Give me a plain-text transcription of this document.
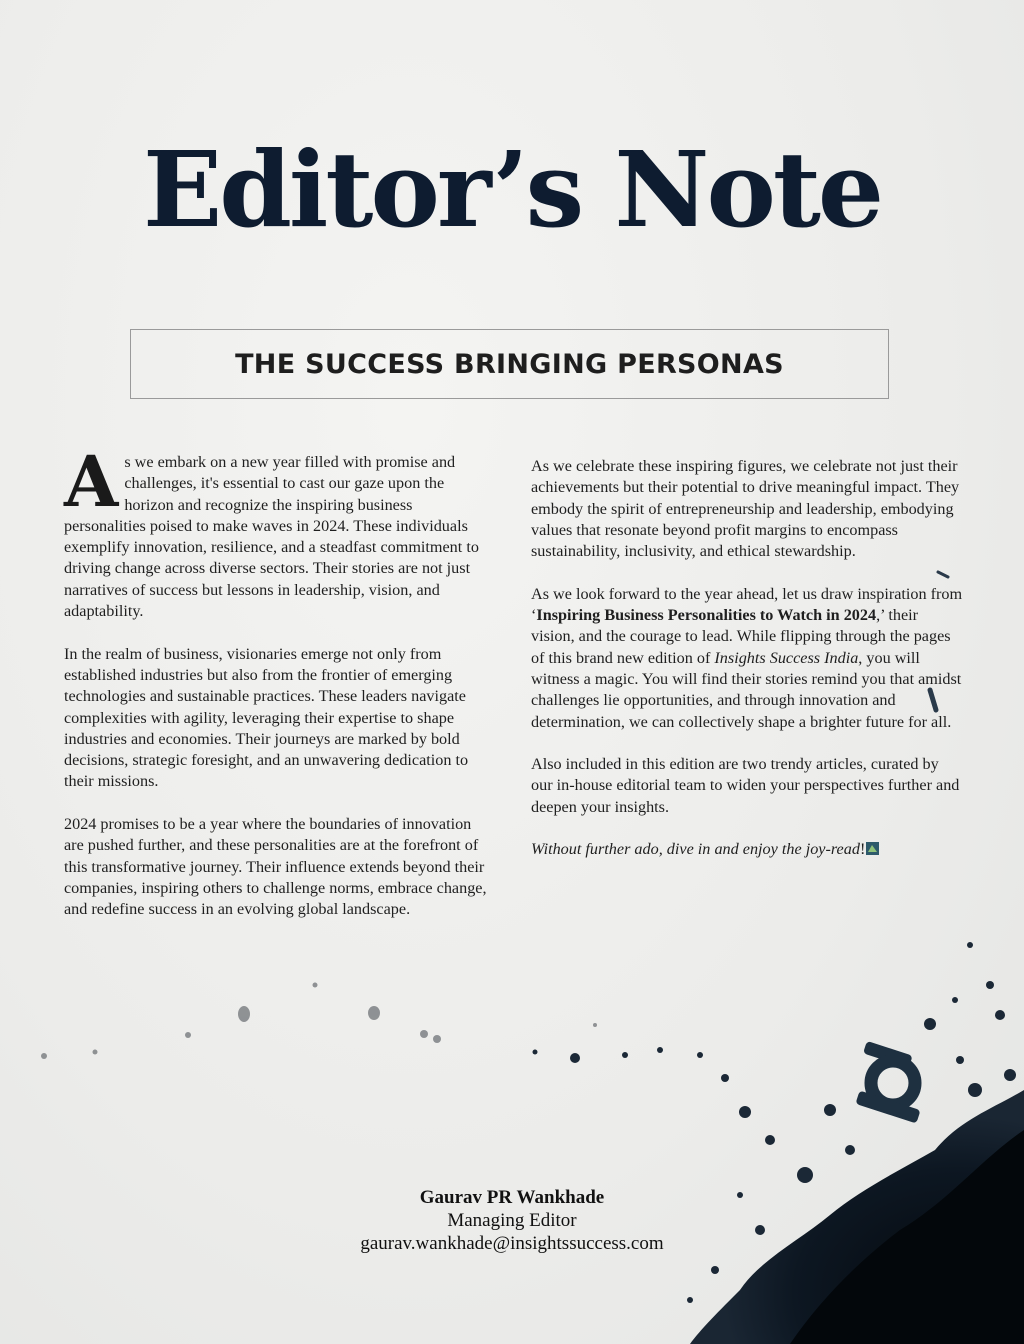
Editor’s Note
THE SUCCESS BRINGING PERSONAS

As we embark on a new year filled with promise and challenges, it's essential to cast our gaze upon the horizon and recognize the inspiring business personalities poised to make waves in 2024. These individuals exemplify innovation, resilience, and a steadfast commitment to driving change across diverse sectors. Their stories are not just narratives of success but lessons in leadership, vision, and adaptability.

In the realm of business, visionaries emerge not only from established industries but also from the frontier of emerging technologies and sustainable practices. These leaders navigate complexities with agility, leveraging their expertise to shape industries and economies. Their journeys are marked by bold decisions, strategic foresight, and an unwavering dedication to their missions.

2024 promises to be a year where the boundaries of innovation are pushed further, and these personalities are at the forefront of this transformative journey. Their influence extends beyond their companies, inspiring others to challenge norms, embrace change, and redefine success in an evolving global landscape.

As we celebrate these inspiring figures, we celebrate not just their achievements but their potential to drive meaningful impact. They embody the spirit of entrepreneurship and leadership, embodying values that resonate beyond profit margins to encompass sustainability, inclusivity, and ethical stewardship.

As we look forward to the year ahead, let us draw inspiration from ‘Inspiring Business Personalities to Watch in 2024,’ their vision, and the courage to lead. While flipping through the pages of this brand new edition of Insights Success India, you will witness a magic. You will find their stories remind you that amidst challenges lie opportunities, and through innovation and determination, we can collectively shape a brighter future for all.

Also included in this edition are two trendy articles, curated by our in-house editorial team to widen your perspectives further and deepen your insights.

Without further ado, dive in and enjoy the joy-read!

Gaurav PR Wankhade
Managing Editor
gaurav.wankhade@insightssuccess.com
